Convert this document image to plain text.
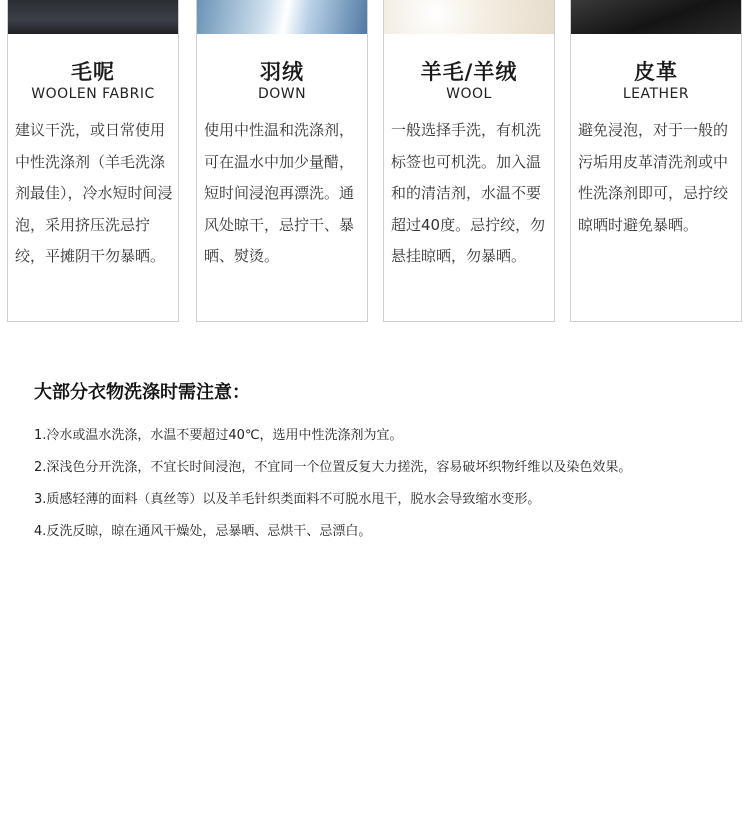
毛呢
WOOLEN FABRIC

建议干洗，或日常使用中性洗涤剂（羊毛洗涤剂最佳），冷水短时间浸泡，采用挤压洗忌拧绞，平摊阴干勿暴晒。

羽绒
DOWN

使用中性温和洗涤剂，可在温水中加少量醋，短时间浸泡再漂洗。通风处晾干，忌拧干、暴晒、熨烫。

羊毛/羊绒
WOOL

一般选择手洗，有机洗标签也可机洗。加入温和的清洁剂，水温不要超过40度。忌拧绞，勿悬挂晾晒，勿暴晒。

皮革
LEATHER

避免浸泡，对于一般的污垢用皮革清洗剂或中性洗涤剂即可，忌拧绞晾晒时避免暴晒。

大部分衣物洗涤时需注意：

1.冷水或温水洗涤，水温不要超过40℃，选用中性洗涤剂为宜。

2.深浅色分开洗涤，不宜长时间浸泡，不宜同一个位置反复大力搓洗，容易破坏织物纤维以及染色效果。

3.质感轻薄的面料（真丝等）以及羊毛针织类面料不可脱水甩干，脱水会导致缩水变形。

4.反洗反晾，晾在通风干燥处，忌暴晒、忌烘干、忌漂白。
